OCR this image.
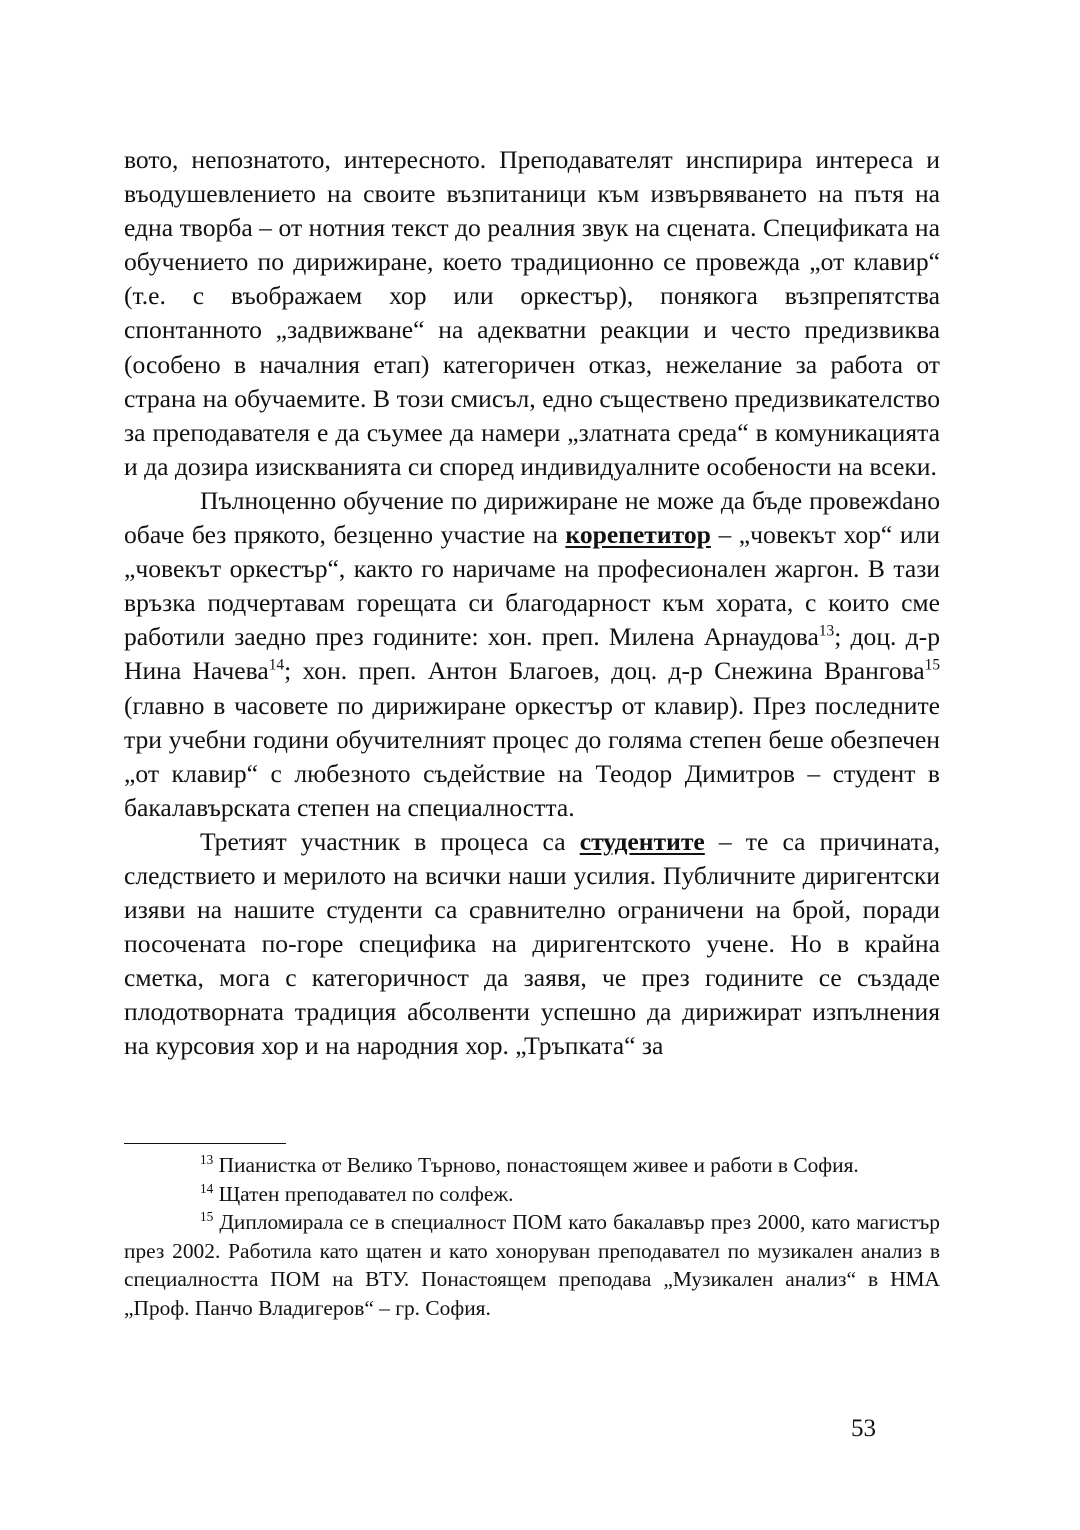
вото, непознатото, интересното. Преподавателят инспирира интереса и въодушевлението на своите възпитаници към извървяването на пътя на една творба – от нотния текст до реалния звук на сцената. Спецификата на обучението по дирижиране, което традиционно се провежда „от клавир“ (т.е. с въображаем хор или оркестър), понякога възпрепятства спонтанното „задвижване“ на адекватни реакции и често предизвиква (особено в началния етап) категоричен отказ, нежелание за работа от страна на обучаемите. В този смисъл, едно съществено предизвикателство за преподавателя е да съумее да намери „златната среда“ в комуникацията и да дозира изискванията си според индивидуалните особености на всеки.

Пълноценно обучение по дирижиране не може да бъде провежdано обаче без прякото, безценно участие на корепетитор – „човекът хор“ или „човекът оркестър“, както го наричаме на професионален жаргон. В тази връзка подчертавам горещата си благодарност към хората, с които сме работили заедно през годините: хон. преп. Милена Арнаудова$^{13}$; доц. д-р Нина Начева$^{14}$; хон. преп. Антон Благоев, доц. д-р Снежина Врангова$^{15}$ (главно в часовете по дирижиране оркестър от клавир). През последните три учебни години обучителният процес до голяма степен беше обезпечен „от клавир“ с любезното съдействие на Теодор Димитров – студент в бакалавърската степен на специалността.

Третият участник в процеса са студентите – те са причината, следствието и мерилото на всички наши усилия. Публичните диригентски изяви на нашите студенти са сравнително ограничени на брой, поради посочената по-горе специфика на диригентското учене. Но в крайна сметка, мога с категоричност да заявя, че през годините се създаде плодотворната традиция абсолвенти успешно да дирижират изпълнения на курсовия хор и на народния хор. „Тръпката“ за

$^{13}$ Пианистка от Велико Търново, понастоящем живее и работи в София.

$^{14}$ Щатен преподавател по солфеж.

$^{15}$ Дипломирала се в специалност ПОМ като бакалавър през 2000, като магистър през 2002. Работила като щатен и като хоноруван преподавател по музикален анализ в специалността ПОМ на ВТУ. Понастоящем преподава „Музикален анализ“ в НМА „Проф. Панчо Владигеров“ – гр. София.

53
